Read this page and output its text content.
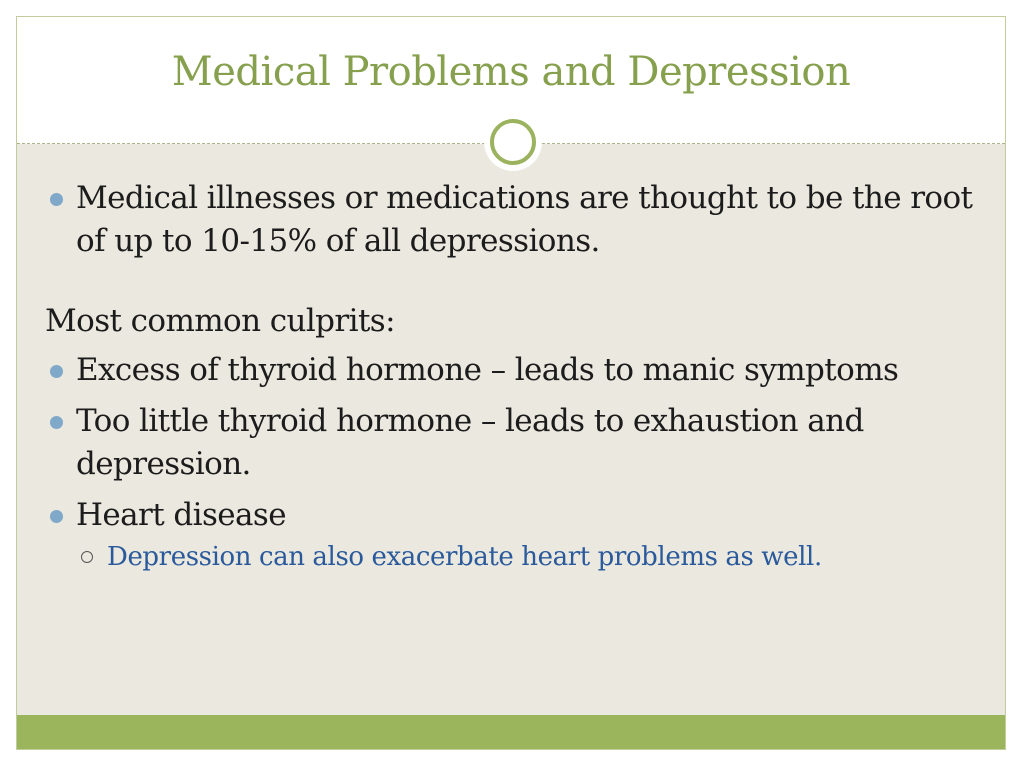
Medical Problems and Depression
Medical illnesses or medications are thought to be the root of up to 10-15% of all depressions.
Most common culprits:
Excess of thyroid hormone – leads to manic symptoms
Too little thyroid hormone – leads to exhaustion and depression.
Heart disease
Depression can also exacerbate heart problems as well.
